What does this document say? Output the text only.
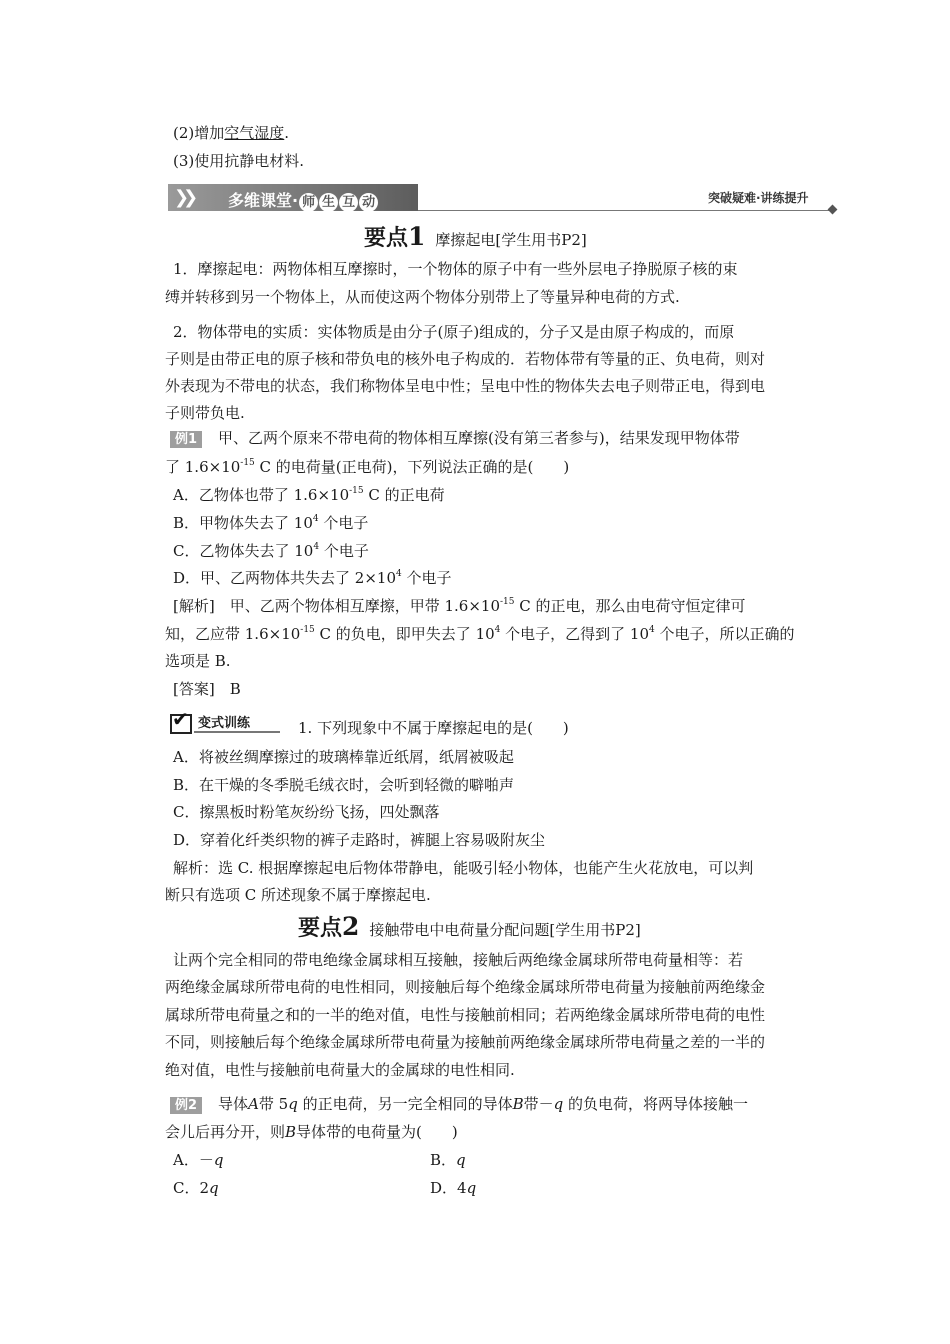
(2)增加空气湿度.
(3)使用抗静电材料.
❯❯ 多维课堂· 师 生 互 动	突破疑难·讲练提升
要点1 摩擦起电[学生用书P2]
1．摩擦起电：两物体相互摩擦时，一个物体的原子中有一些外层电子挣脱原子核的束
缚并转移到另一个物体上，从而使这两个物体分别带上了等量异种电荷的方式.
2．物体带电的实质：实体物质是由分子(原子)组成的，分子又是由原子构成的，而原
子则是由带正电的原子核和带负电的核外电子构成的．若物体带有等量的正、负电荷，则对
外表现为不带电的状态，我们称物体呈电中性；呈电中性的物体失去电子则带正电，得到电
子则带负电.
例1 甲、乙两个原来不带电荷的物体相互摩擦(没有第三者参与)，结果发现甲物体带
了 $1.6\times 10^{-15}$ C 的电荷量(正电荷)，下列说法正确的是(　　)
A．乙物体也带了 $1.6\times 10^{-15}$ C 的正电荷
B．甲物体失去了 $10^4$ 个电子
C．乙物体失去了 $10^4$ 个电子
D．甲、乙两物体共失去了 $2\times 10^4$ 个电子
[解析]　甲、乙两个物体相互摩擦，甲带 $1.6\times 10^{-15}$ C 的正电，那么由电荷守恒定律可
知，乙应带 $1.6\times 10^{-15}$ C 的负电，即甲失去了 $10^4$ 个电子，乙得到了 $10^4$ 个电子，所以正确的
选项是 B.
[答案]　B
✔ 变式训练	1. 下列现象中不属于摩擦起电的是(　　)
A．将被丝绸摩擦过的玻璃棒靠近纸屑，纸屑被吸起
B．在干燥的冬季脱毛绒衣时，会听到轻微的噼啪声
C．擦黑板时粉笔灰纷纷飞扬，四处飘落
D．穿着化纤类织物的裤子走路时，裤腿上容易吸附灰尘
解析：选 C. 根据摩擦起电后物体带静电，能吸引轻小物体，也能产生火花放电，可以判
断只有选项 C 所述现象不属于摩擦起电.
要点2 接触带电中电荷量分配问题[学生用书P2]
让两个完全相同的带电绝缘金属球相互接触，接触后两绝缘金属球所带电荷量相等：若
两绝缘金属球所带电荷的电性相同，则接触后每个绝缘金属球所带电荷量为接触前两绝缘金
属球所带电荷量之和的一半的绝对值，电性与接触前相同；若两绝缘金属球所带电荷的电性
不同，则接触后每个绝缘金属球所带电荷量为接触前两绝缘金属球所带电荷量之差的一半的
绝对值，电性与接触前电荷量大的金属球的电性相同.
例2 导体A带 5q 的正电荷，另一完全相同的导体B带－q 的负电荷，将两导体接触一
会儿后再分开，则B导体带的电荷量为(　　)
A．－q	B．q
C．2q	D．4q
